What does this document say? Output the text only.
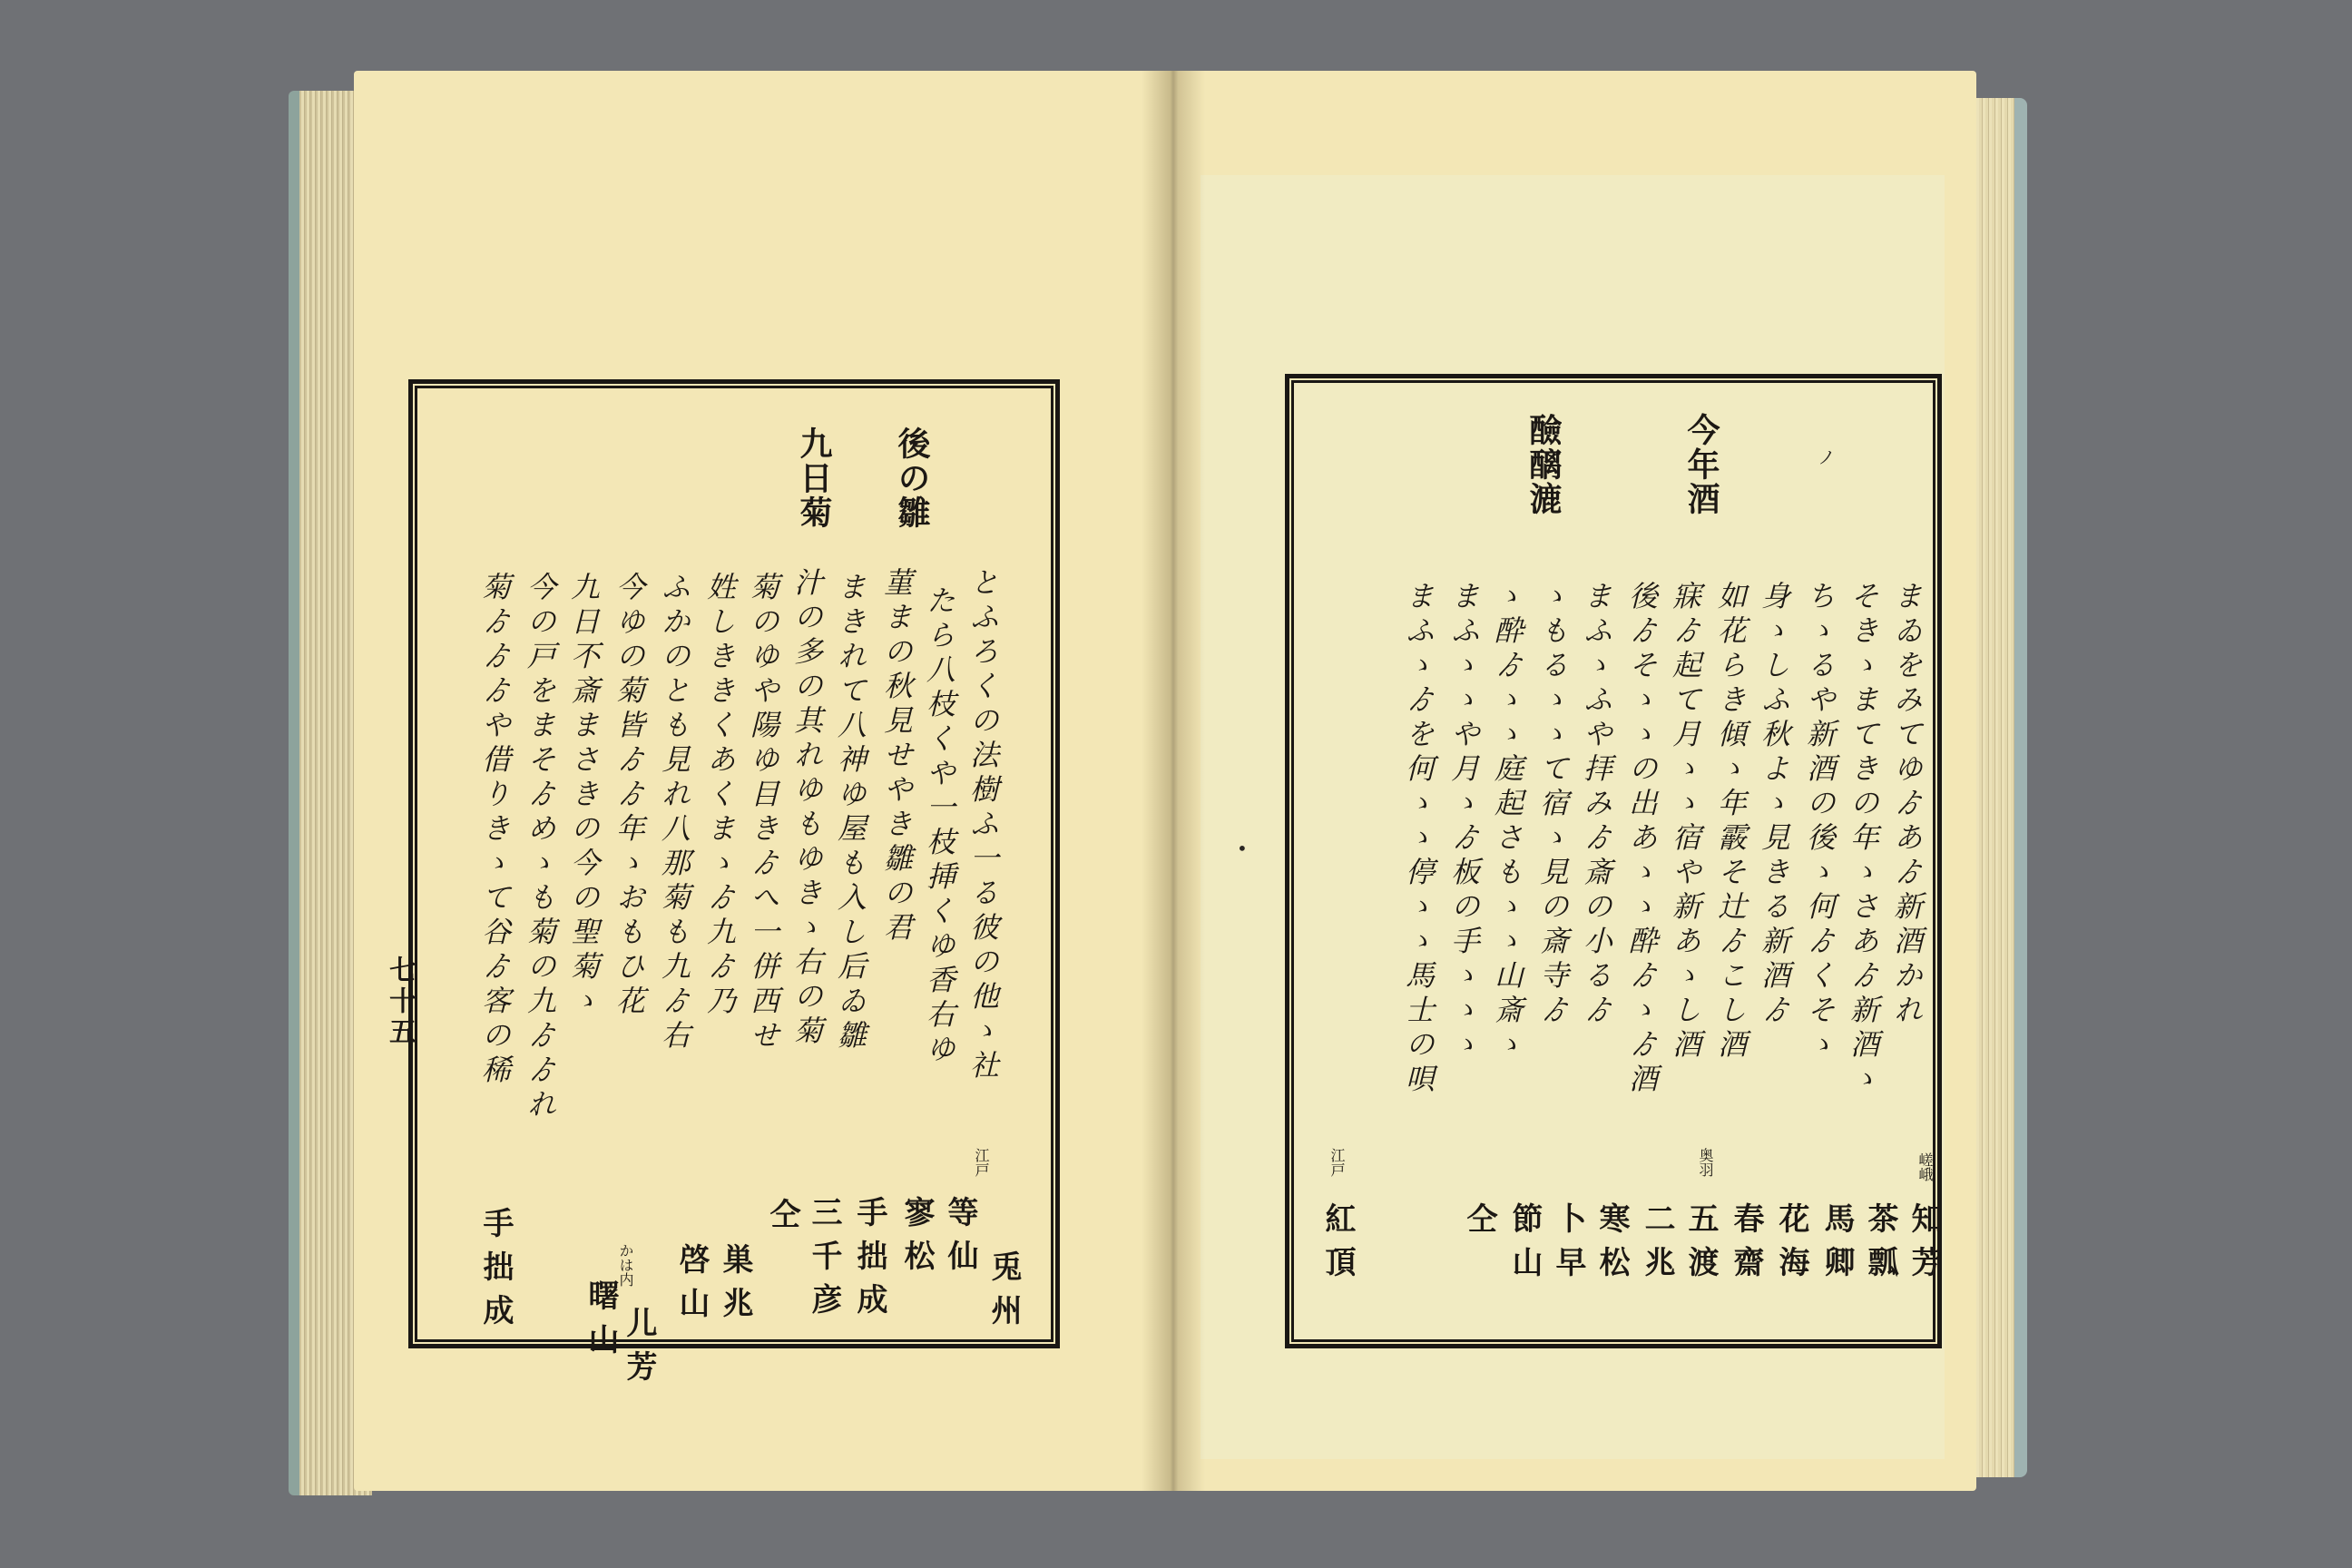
七十五
•
ノ
後の雛
九日菊
とふろくの法樹ふ一る彼の他ゝ社
兎州
たら八枝くや一枝挿くゆ香右ゆ
江戸
等仙
菫まの秋見せやき雛の君
寥松
まきれて八神ゆ屋も入し后ゐ雛
手拙成
汁の多の其れゆもゆきゝ右の菊
三千彦
菊のゆや陽ゆ目きゟへ一併西せ
仝
姓しききくあくまゝゟ九ゟ乃
巣兆
ふかのとも見れ八那菊も九ゟ右
啓山
今ゆの菊皆ゟゟ年ゝおもひ花
かは内
儿芳
九日不斎まさきの今の聖菊ゝ
曙山
今の戸をまそゟめゝも菊の九ゟゟれ
菊ゟゟゟや借りきゝて谷ゟ客の稀
手拙成
今年酒
醶醨漉
まゐをみてゆゟあゟ新酒かれ
嵯峨
知芳
そきゝまてきの年ゝさあゟ新酒ゝ
茶瓢
ちゝるや新酒の後ゝ何ゟくそゝ
馬卿
身ゝしふ秋よゝ見きる新酒ゟ
花海
如花らき傾ゝ年霰そ辻ゟこし酒
奥羽
春齋
寐ゟ起て月ゝゝ宿や新あゝし酒
五渡
後ゟそゝゝの出あゝゝ酔ゟゝゟ酒
二兆
まふゝふや拝みゟ斎の小るゟ
寒松
ゝもるゝゝて宿ゝ見の斎寺ゟ
卜早
ゝ酔ゟゝゝ庭起さもゝゝ山斎ゝ
節山
まふゝゝや月ゝゟ板の手ゝゝゝ
仝
まふゝゟを何ゝゝ停ゝゝ馬士の唄
江戸
紅頂
